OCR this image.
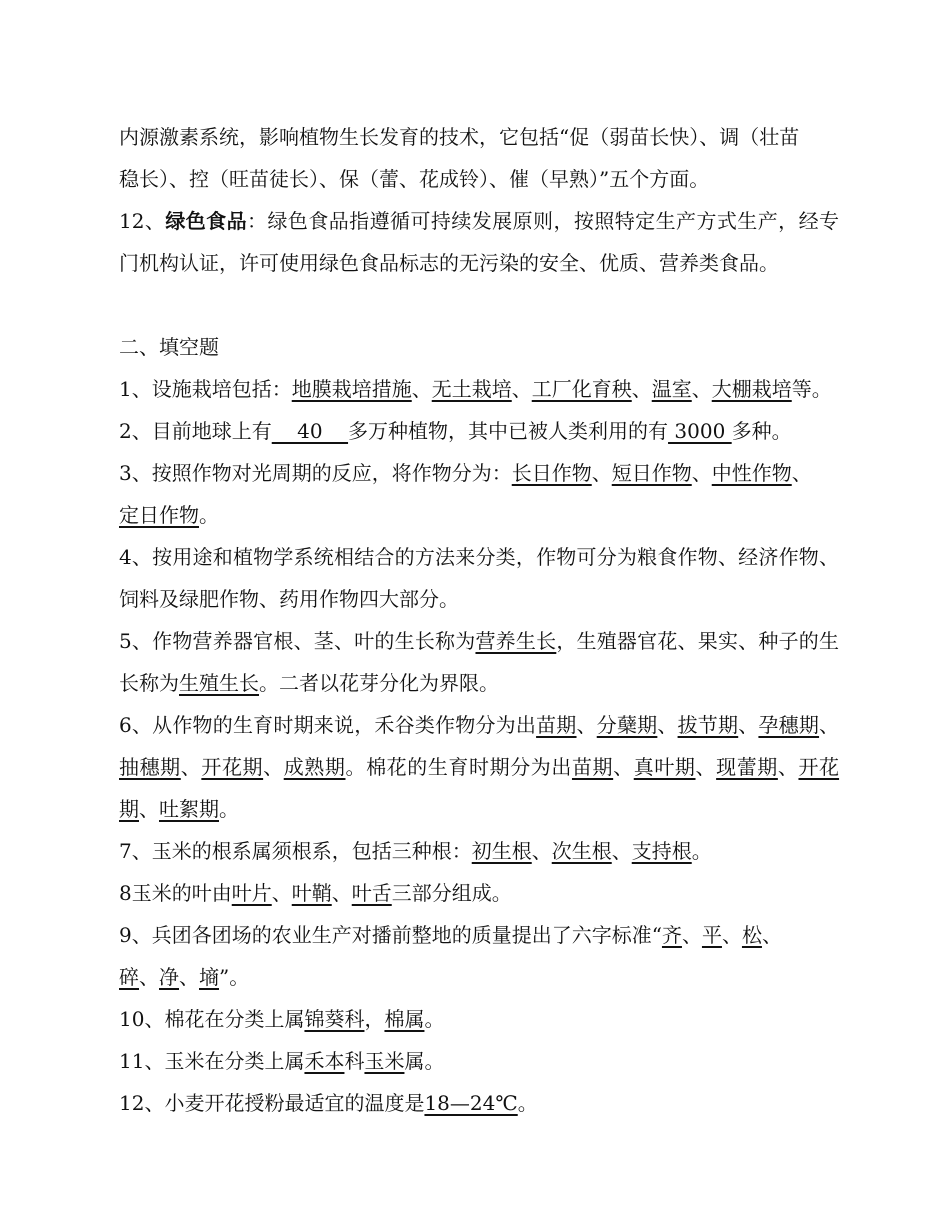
内源激素系统，影响植物生长发育的技术，它包括“促（弱苗长快）、调（壮苗
稳长）、控（旺苗徒长）、保（蕾、花成铃）、催（早熟）”五个方面。

12、绿色食品：绿色食品指遵循可持续发展原则，按照特定生产方式生产，经专门机构认证，许可使用绿色食品标志的无污染的安全、优质、营养类食品。

二、填空题

1、设施栽培包括：地膜栽培措施、无土栽培、工厂化育秧、温室、大棚栽培等。

2、目前地球上有    40    多万种植物，其中已被人类利用的有 3000 多种。

3、按照作物对光周期的反应，将作物分为：长日作物、短日作物、中性作物、
定日作物。

4、按用途和植物学系统相结合的方法来分类，作物可分为粮食作物、经济作物、饲料及绿肥作物、药用作物四大部分。

5、作物营养器官根、茎、叶的生长称为营养生长，生殖器官花、果实、种子的生长称为生殖生长。二者以花芽分化为界限。

6、从作物的生育时期来说，禾谷类作物分为出苗期、分蘖期、拔节期、孕穗期、抽穗期、开花期、成熟期。棉花的生育时期分为出苗期、真叶期、现蕾期、开花期、吐絮期。

7、玉米的根系属须根系，包括三种根：初生根、次生根、支持根。

8玉米的叶由叶片、叶鞘、叶舌三部分组成。

9、兵团各团场的农业生产对播前整地的质量提出了六字标准“齐、平、松、
碎、净、墒”。

10、棉花在分类上属锦葵科，棉属。

11、玉米在分类上属禾本科玉米属。

12、小麦开花授粉最适宜的温度是18—24℃。
